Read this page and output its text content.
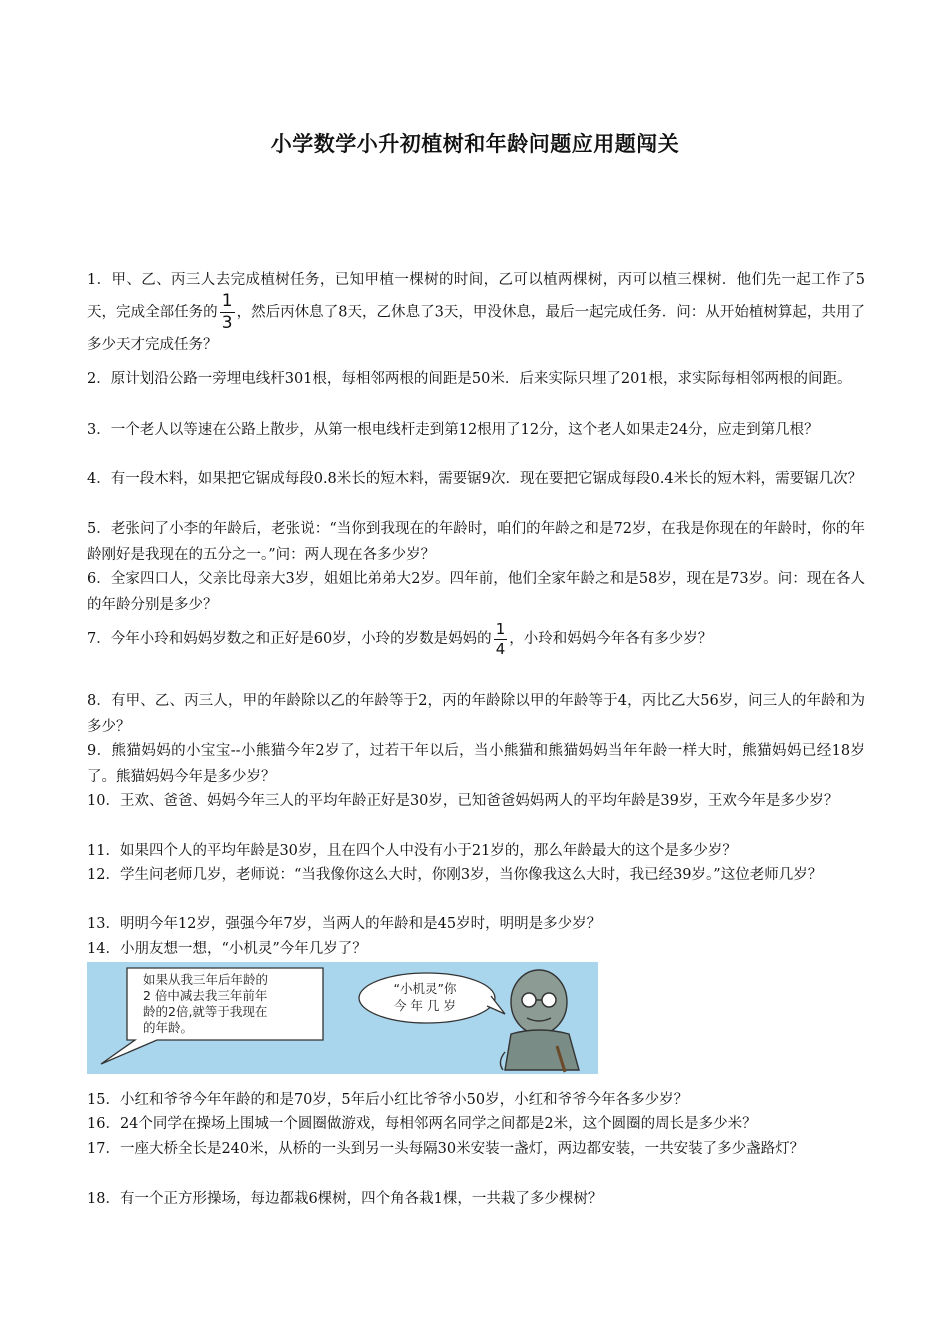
小学数学小升初植树和年龄问题应用题闯关

1．甲、乙、丙三人去完成植树任务，已知甲植一棵树的时间，乙可以植两棵树，丙可以植三棵树．他们先一起工作了5天，完成全部任务的 $\frac{1}{3}$ ，然后丙休息了8天，乙休息了3天，甲没休息，最后一起完成任务．问：从开始植树算起，共用了多少天才完成任务？

2．原计划沿公路一旁埋电线杆301根，每相邻两根的间距是50米．后来实际只埋了201根，求实际每相邻两根的间距。

3．一个老人以等速在公路上散步，从第一根电线杆走到第12根用了12分，这个老人如果走24分，应走到第几根？

4．有一段木料，如果把它锯成每段0.8米长的短木料，需要锯9次．现在要把它锯成每段0.4米长的短木料，需要锯几次？

5．老张问了小李的年龄后，老张说：“当你到我现在的年龄时，咱们的年龄之和是72岁，在我是你现在的年龄时，你的年龄刚好是我现在的五分之一。”问：两人现在各多少岁？

6．全家四口人，父亲比母亲大3岁，姐姐比弟弟大2岁。四年前，他们全家年龄之和是58岁，现在是73岁。问：现在各人的年龄分别是多少？

7．今年小玲和妈妈岁数之和正好是60岁，小玲的岁数是妈妈的 $\frac{1}{4}$ ，小玲和妈妈今年各有多少岁？

8．有甲、乙、丙三人，甲的年龄除以乙的年龄等于2，丙的年龄除以甲的年龄等于4，丙比乙大56岁，问三人的年龄和为多少？

9．熊猫妈妈的小宝宝--小熊猫今年2岁了，过若干年以后，当小熊猫和熊猫妈妈当年年龄一样大时，熊猫妈妈已经18岁了。熊猫妈妈今年是多少岁？

10．王欢、爸爸、妈妈今年三人的平均年龄正好是30岁，已知爸爸妈妈两人的平均年龄是39岁，王欢今年是多少岁？

11．如果四个人的平均年龄是30岁，且在四个人中没有小于21岁的，那么年龄最大的这个是多少岁？

12．学生问老师几岁，老师说：“当我像你这么大时，你刚3岁，当你像我这么大时，我已经39岁。”这位老师几岁？

13．明明今年12岁，强强今年7岁，当两人的年龄和是45岁时，明明是多少岁？

14．小朋友想一想，“小机灵”今年几岁了？

如果从我三年后年龄的
2 倍中减去我三年前年
龄的2倍,就等于我现在
的年龄。
“小机灵”你
今 年 几 岁

15．小红和爷爷今年年龄的和是70岁，5年后小红比爷爷小50岁，小红和爷爷今年各多少岁？

16．24个同学在操场上围城一个圆圈做游戏，每相邻两名同学之间都是2米，这个圆圈的周长是多少米？

17．一座大桥全长是240米，从桥的一头到另一头每隔30米安装一盏灯，两边都安装，一共安装了多少盏路灯？

18．有一个正方形操场，每边都栽6棵树，四个角各栽1棵，一共栽了多少棵树？
